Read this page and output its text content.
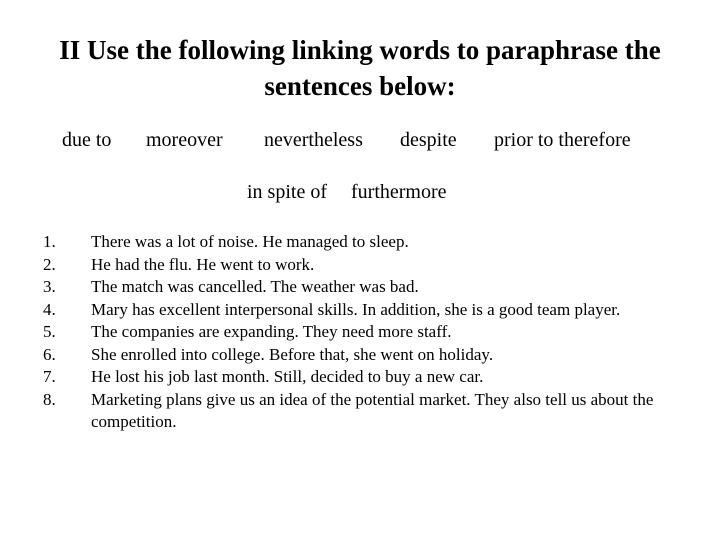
II Use the following linking words to paraphrase the sentences below:
due to moreover nevertheless despite prior to therefore
in spite of furthermore
1. There was a lot of noise. He managed to sleep.
2. He had the flu. He went to work.
3. The match was cancelled. The weather was bad.
4. Mary has excellent interpersonal skills. In addition, she is a good team player.
5. The companies are expanding. They need more staff.
6. She enrolled into college. Before that, she went on holiday.
7. He lost his job last month. Still, decided to buy a new car.
8. Marketing plans give us an idea of the potential market. They also tell us about the competition.
